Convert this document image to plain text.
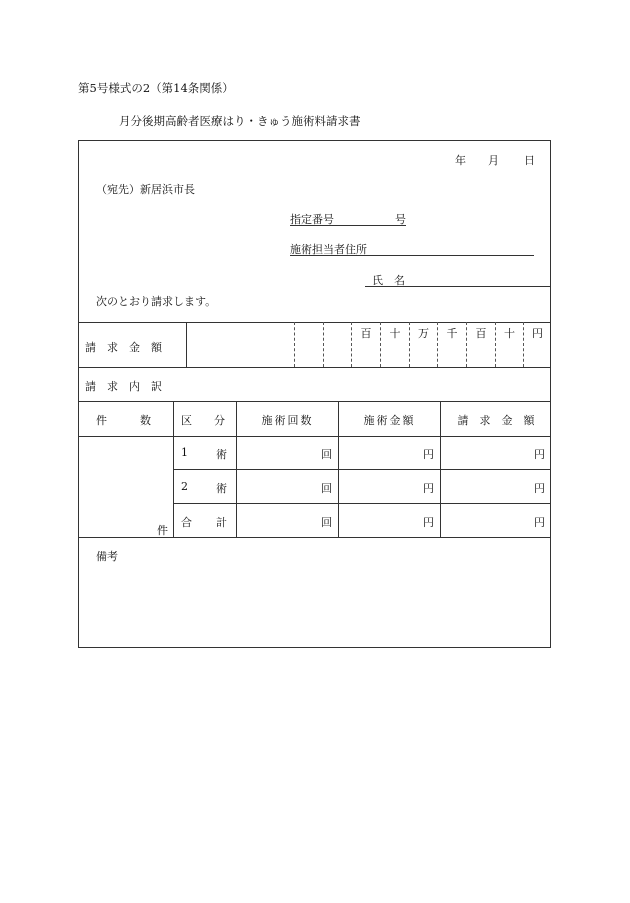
第5号様式の2（第14条関係）
月分後期高齢者医療はり・きゅう施術料請求書
年 月 日
（宛先）新居浜市長
指定番号	号
施術担当者住所
氏　名
次のとおり請求します。
請　求　金　額
百	十	万	千	百	十	円
請　求　内　訳
件　　　数	区　　分	施術回数	施術金額	請　求　金　額
件
1	術	回	円	円
2	術	回	円	円
合 計	回	円	円
備考
